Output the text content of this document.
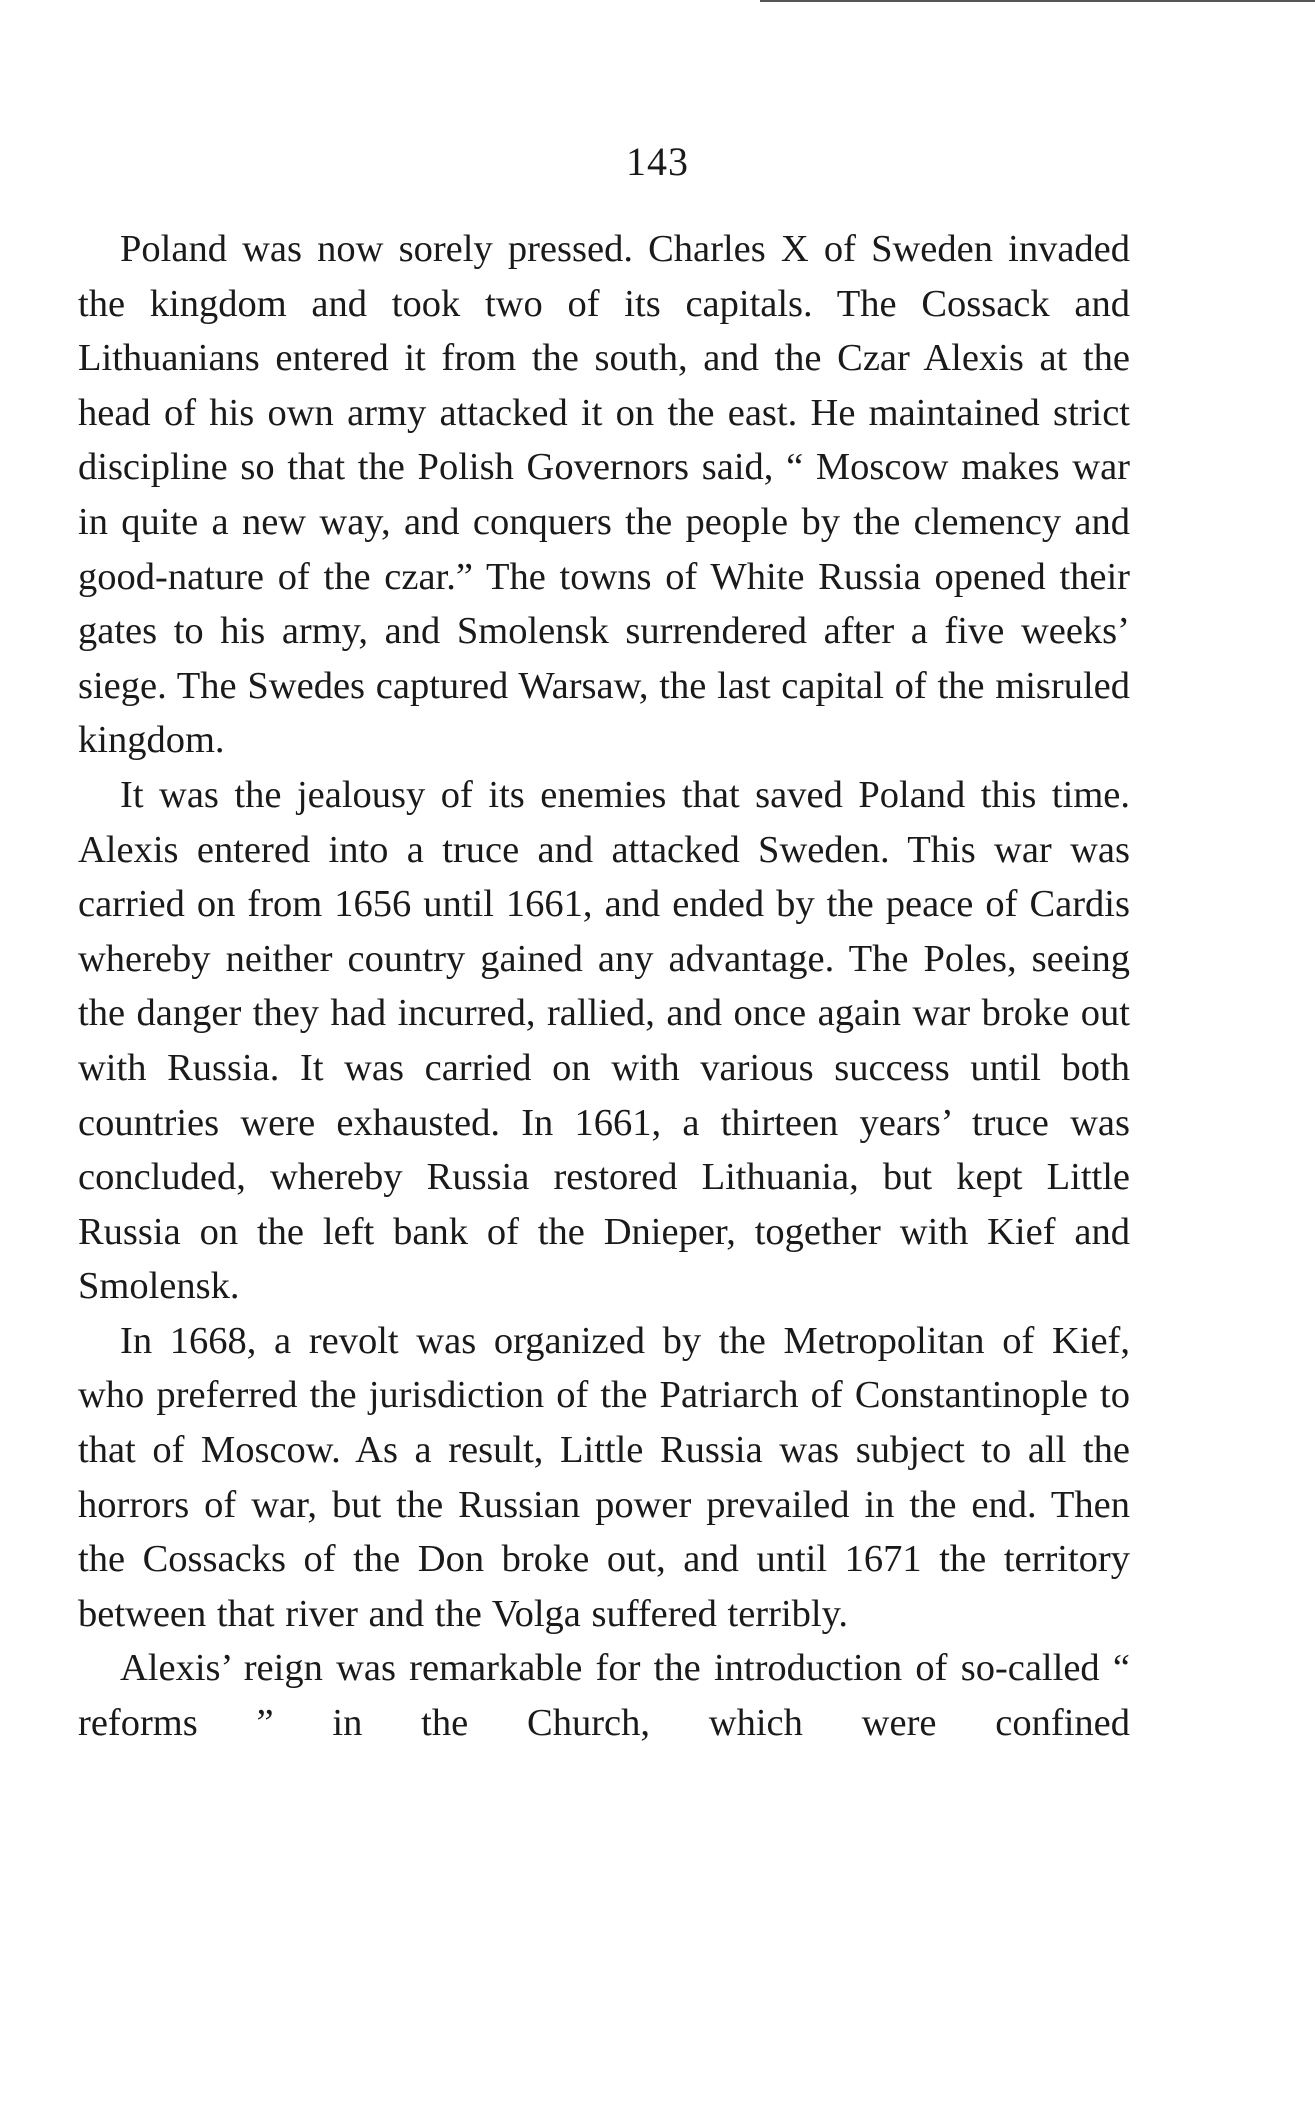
143

Poland was now sorely pressed. Charles X of Sweden invaded the kingdom and took two of its capitals. The Cossack and Lithuanians entered it from the south, and the Czar Alexis at the head of his own army attacked it on the east. He maintained strict discipline so that the Polish Governors said, “ Moscow makes war in quite a new way, and conquers the people by the clemency and good-nature of the czar.” The towns of White Russia opened their gates to his army, and Smolensk surrendered after a five weeks’ siege. The Swedes captured Warsaw, the last capital of the misruled kingdom.

It was the jealousy of its enemies that saved Poland this time. Alexis entered into a truce and attacked Sweden. This war was carried on from 1656 until 1661, and ended by the peace of Cardis whereby neither country gained any advantage. The Poles, seeing the danger they had incurred, rallied, and once again war broke out with Russia. It was carried on with various success until both countries were exhausted. In 1661, a thirteen years’ truce was concluded, whereby Russia restored Lithuania, but kept Little Russia on the left bank of the Dnieper, together with Kief and Smolensk.

In 1668, a revolt was organized by the Metropolitan of Kief, who preferred the jurisdiction of the Patriarch of Constantinople to that of Moscow. As a result, Little Russia was subject to all the horrors of war, but the Russian power prevailed in the end. Then the Cossacks of the Don broke out, and until 1671 the territory between that river and the Volga suffered terribly.

Alexis’ reign was remarkable for the introduction of so-called “ reforms ” in the Church, which were confined
